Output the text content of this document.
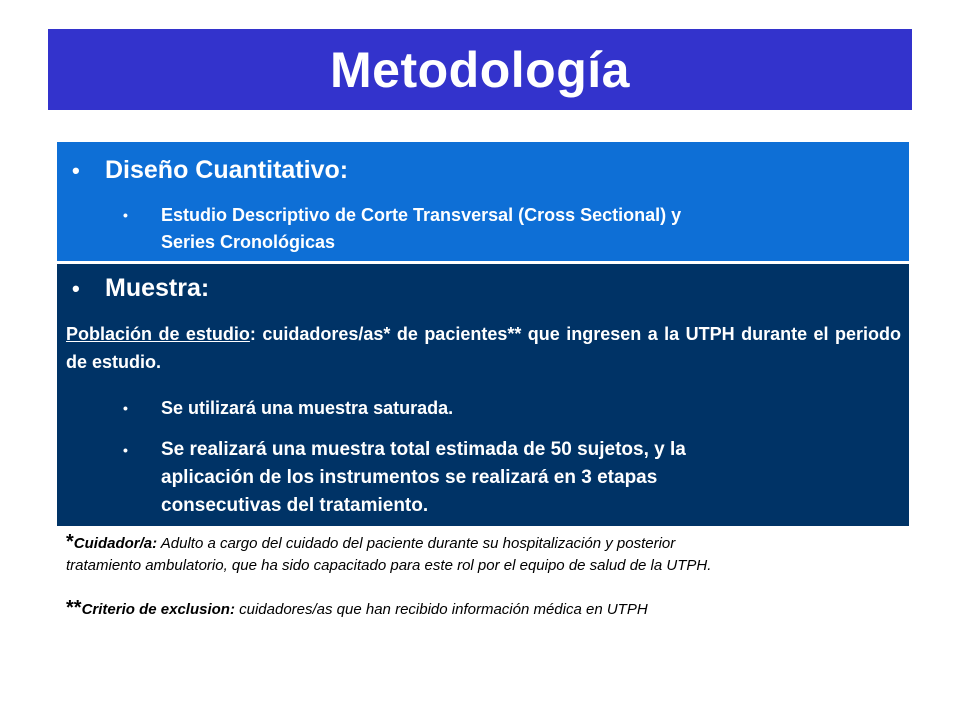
Metodología
•	Diseño Cuantitativo:
• Estudio Descriptivo de Corte Transversal (Cross Sectional) y
Series Cronológicas
•	Muestra:
Población de estudio: cuidadores/as* de pacientes** que ingresen a la UTPH durante el periodo de estudio.
• Se utilizará una muestra saturada.
• Se realizará una muestra total estimada de 50 sujetos, y la
aplicación de los instrumentos se realizará en 3 etapas
consecutivas del tratamiento.
*Cuidador/a: Adulto a cargo del cuidado del paciente durante su hospitalización y posterior
tratamiento ambulatorio, que ha sido capacitado para este rol por el equipo de salud de la UTPH.
**Criterio de exclusion: cuidadores/as que han recibido información médica en UTPH
